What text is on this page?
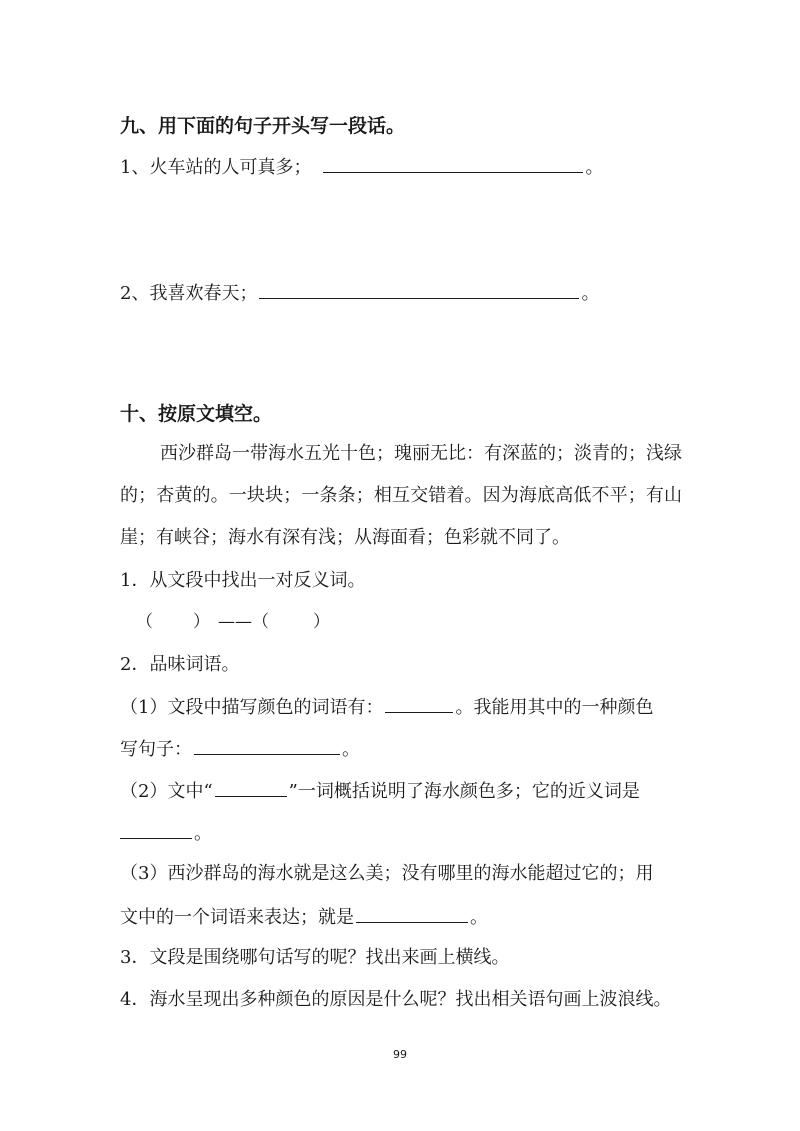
九、用下面的句子开头写一段话。
1、火车站的人可真多；	。
2、我喜欢春天；	。
十、按原文填空。
西沙群岛一带海水五光十色；瑰丽无比：有深蓝的；淡青的；浅绿的；杏黄的。一块块；一条条；相互交错着。因为海底高低不平；有山崖；有峡谷；海水有深有浅；从海面看；色彩就不同了。
1．从文段中找出一对反义词。
（ ） ——（	）
2．品味词语。
（1）文段中描写颜色的词语有：	。我能用其中的一种颜色
写句子：	。
（2）文中“	”一词概括说明了海水颜色多；它的近义词是
。
（3）西沙群岛的海水就是这么美；没有哪里的海水能超过它的；用
文中的一个词语来表达；就是	。
3．文段是围绕哪句话写的呢？找出来画上横线。
4．海水呈现出多种颜色的原因是什么呢？找出相关语句画上波浪线。
99
